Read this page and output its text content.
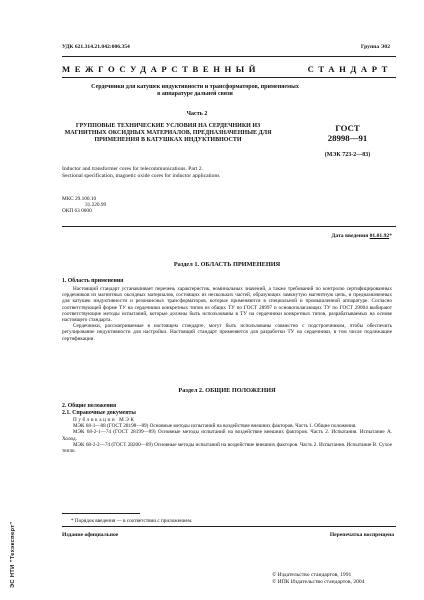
УДК 621.314.21.042:006.354	Группа Э02
МЕЖГОСУДАРСТВЕННЫЙ СТАНДАРТ
Сердечники для катушек индуктивности и трансформаторов, применяемых в аппаратуре дальней связи
Часть 2
ГРУППОВЫЕ ТЕХНИЧЕСКИЕ УСЛОВИЯ НА СЕРДЕЧНИКИ ИЗ МАГНИТНЫХ ОКСИДНЫХ МАТЕРИАЛОВ, ПРЕДНАЗНАЧЕННЫЕ ДЛЯ ПРИМЕНЕНИЯ В КАТУШКАХ ИНДУКТИВНОСТИ
ГОСТ
28998—91
(МЭК 723-2—83)
Inductor and transformer cores for telecommunications. Part 2.
Sectional specification, magnetic oxide cores for inductor applications
МКС 29.100.10
31.220.99
ОКП 63 0000
Дата введения 01.01.92*
Раздел 1. ОБЛАСТЬ ПРИМЕНЕНИЯ
1. Область применения

Настоящий стандарт устанавливает перечень характеристик, номинальных значений, а также требований по контролю сертифицированных сердечников из магнитных оксидных материалов, состоящих из нескольких частей, образующих замкнутую магнитную цепь, и предназначенных для катушек индуктивности и резонансных трансформаторов, которые применяются в специальной и промышленной аппаратуре. Согласно соответствующей форме ТУ на сердечники конкретных типов из общих ТУ по ГОСТ 28997 и основополагающих ТУ по ГОСТ 29004 выбирают соответствующие методы испытаний, которые должны быть использованы в ТУ на сердечники конкретных типов, разрабатываемых на основе настоящего стандарта.

Сердечники, рассматриваемые в настоящем стандарте, могут быть использованы совместно с подстроечником, чтобы обеспечить регулирование индуктивности для настройки. Настоящий стандарт применяется для разработки ТУ на сердечники, в том числе подлежащие сертификации.

Раздел 2. ОБЩИЕ ПОЛОЖЕНИЯ
2. Общие положения
2.1. Справочные документы
Публикации МЭК

МЭК 68-1—88 (ГОСТ 28198—89) Основные методы испытаний на воздействие внешних факторов. Часть 1. Общие положения.

МЭК 68-2-1—74 (ГОСТ 28199—89) Основные методы испытаний на воздействие внешних факторов. Часть 2. Испытания. Испытание А. Холод.

МЭК 68-2-2—74 (ГОСТ 28200—89) Основные методы испытаний на воздействие внешних факторов. Часть 2. Испытания. Испытание В. Сухое тепло.

* Порядок введения — в соответствии с приложением.
Издание официальное	Перепечатка воспрещена
© Издательство стандартов, 1991
© ИПК Издательство стандартов, 2004
ЭС НТИ "Техэксперт"
